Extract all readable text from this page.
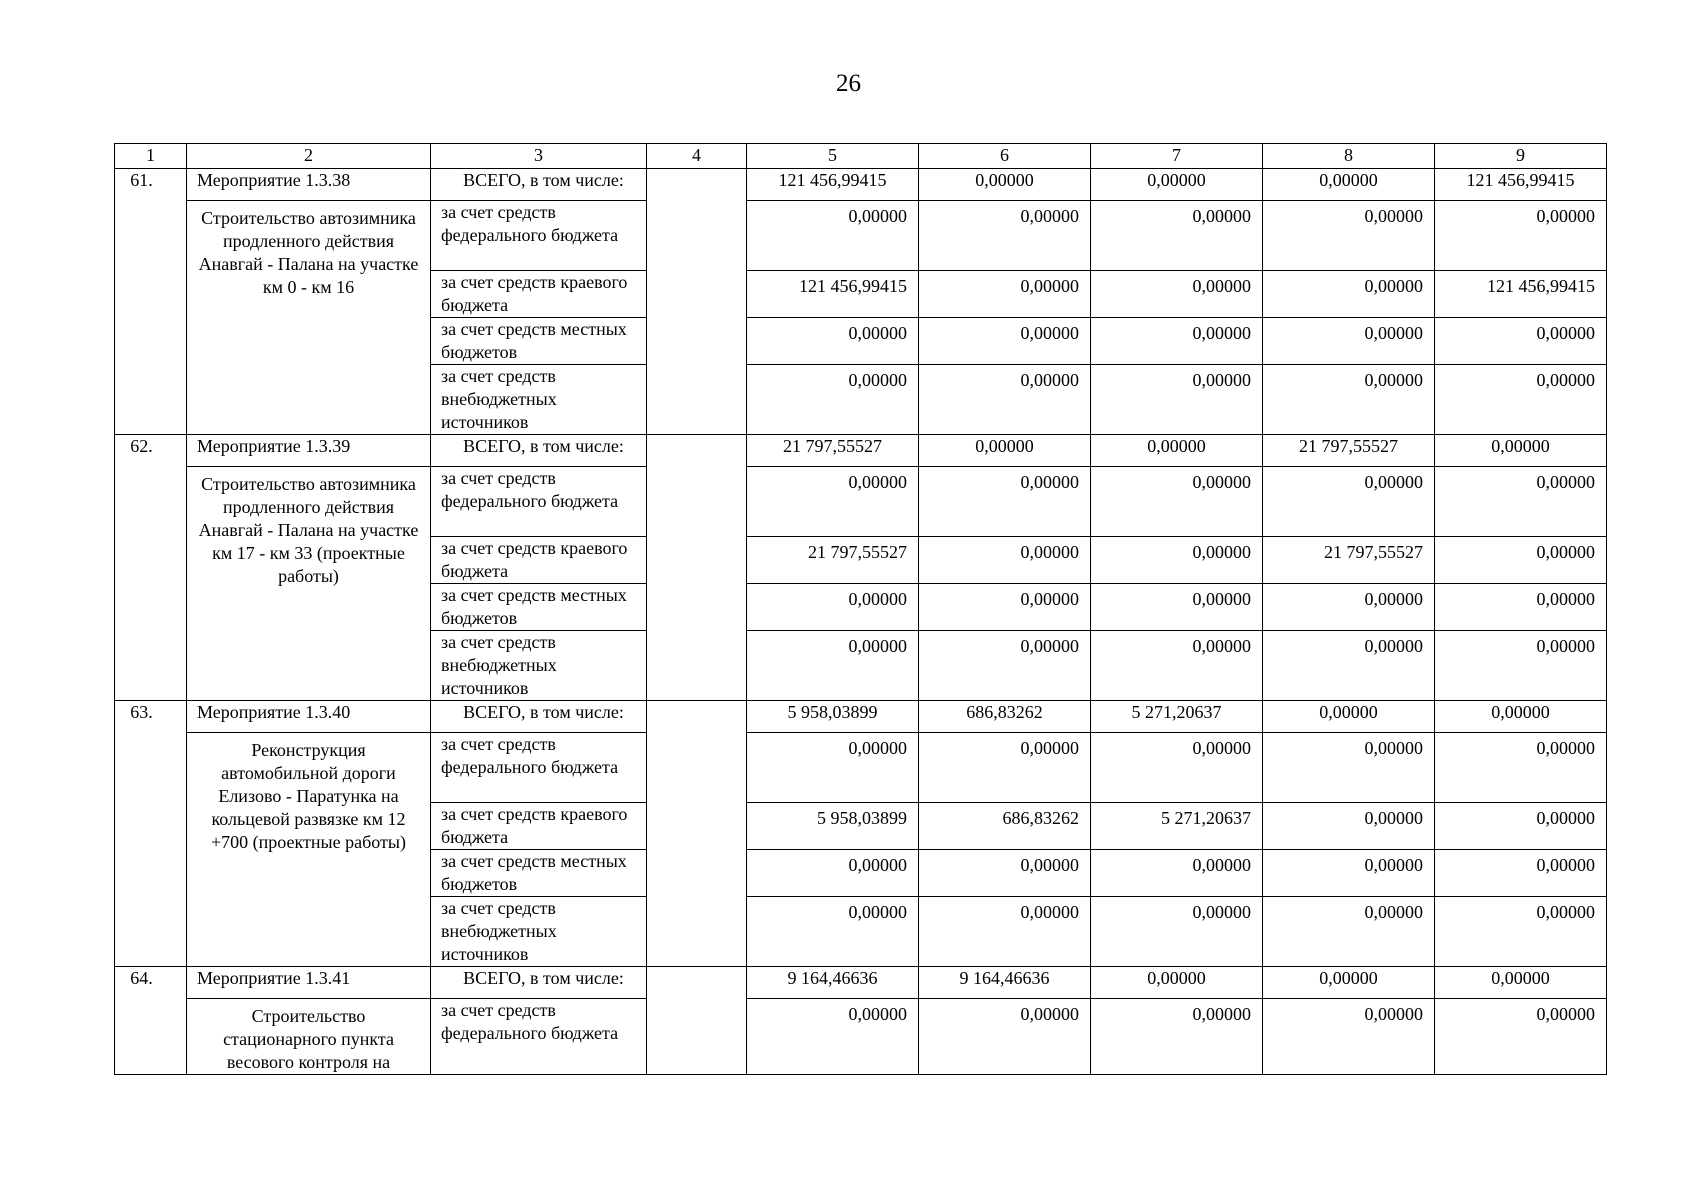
26
1	2	3	4	5	6	7	8	9
61.	Мероприятие 1.3.38	ВСЕГО, в том числе:		121 456,99415	0,00000	0,00000	0,00000	121 456,99415
	Строительство автозимника продленного действия Анавгай - Палана на участке км 0 - км 16	за счет средств федерального бюджета		0,00000	0,00000	0,00000	0,00000	0,00000
		за счет средств краевого бюджета		121 456,99415	0,00000	0,00000	0,00000	121 456,99415
		за счет средств местных бюджетов		0,00000	0,00000	0,00000	0,00000	0,00000
		за счет средств внебюджетных источников		0,00000	0,00000	0,00000	0,00000	0,00000
62.	Мероприятие 1.3.39	ВСЕГО, в том числе:		21 797,55527	0,00000	0,00000	21 797,55527	0,00000
	Строительство автозимника продленного действия Анавгай - Палана на участке км 17 - км 33 (проектные работы)	за счет средств федерального бюджета		0,00000	0,00000	0,00000	0,00000	0,00000
		за счет средств краевого бюджета		21 797,55527	0,00000	0,00000	21 797,55527	0,00000
		за счет средств местных бюджетов		0,00000	0,00000	0,00000	0,00000	0,00000
		за счет средств внебюджетных источников		0,00000	0,00000	0,00000	0,00000	0,00000
63.	Мероприятие 1.3.40	ВСЕГО, в том числе:		5 958,03899	686,83262	5 271,20637	0,00000	0,00000
	Реконструкция автомобильной дороги Елизово - Паратунка на кольцевой развязке км 12 +700 (проектные работы)	за счет средств федерального бюджета		0,00000	0,00000	0,00000	0,00000	0,00000
		за счет средств краевого бюджета		5 958,03899	686,83262	5 271,20637	0,00000	0,00000
		за счет средств местных бюджетов		0,00000	0,00000	0,00000	0,00000	0,00000
		за счет средств внебюджетных источников		0,00000	0,00000	0,00000	0,00000	0,00000
64.	Мероприятие 1.3.41	ВСЕГО, в том числе:		9 164,46636	9 164,46636	0,00000	0,00000	0,00000
	Строительство стационарного пункта весового контроля на	за счет средств федерального бюджета		0,00000	0,00000	0,00000	0,00000	0,00000
